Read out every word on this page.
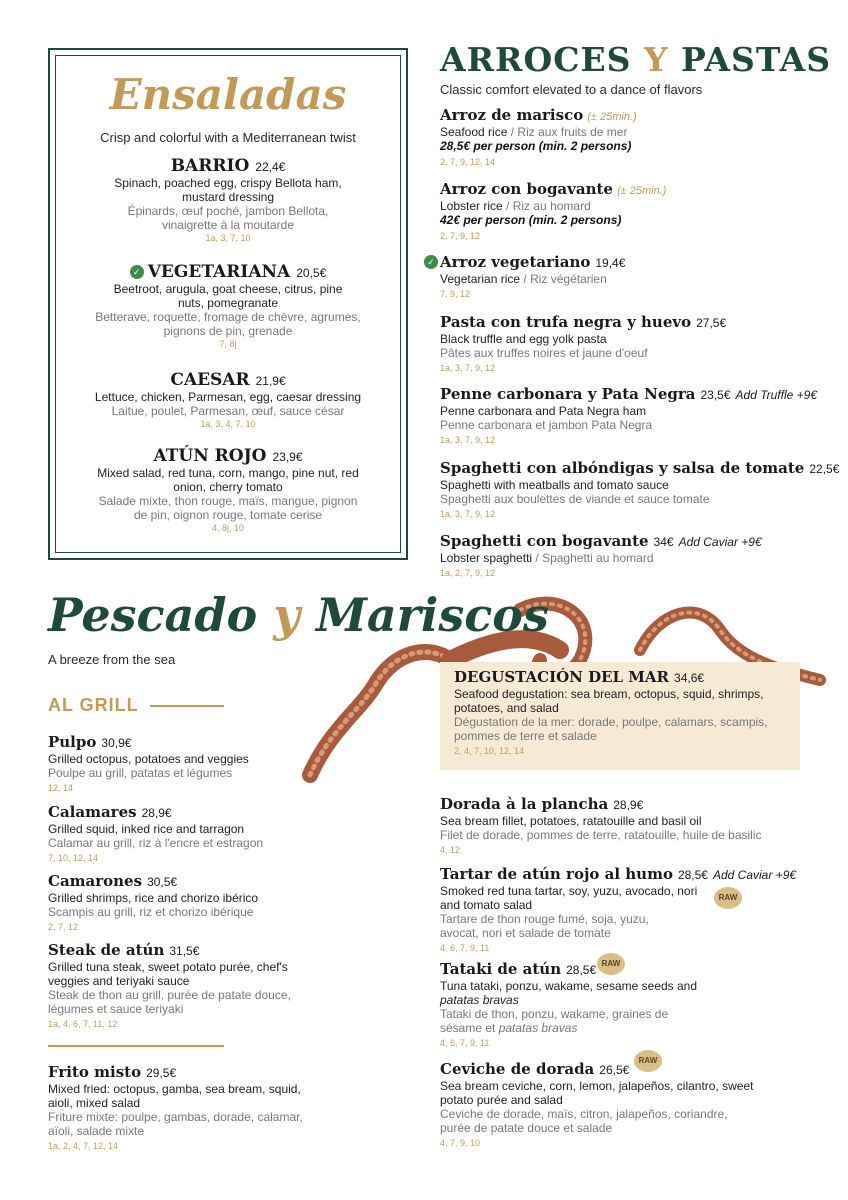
Ensaladas
Crisp and colorful with a Mediterranean twist
BARRIO 22,4€
Spinach, poached egg, crispy Bellota ham, mustard dressing
Épinards, œuf poché, jambon Bellota, vinaigrette à la moutarde
1a, 3, 7, 10
✓ VEGETARIANA 20,5€
Beetroot, arugula, goat cheese, citrus, pine nuts, pomegranate
Betterave, roquette, fromage de chèvre, agrumes, pignons de pin, grenade
7, 8j
CAESAR 21,9€
Lettuce, chicken, Parmesan, egg, caesar dressing
Laitue, poulet, Parmesan, œuf, sauce césar
1a, 3, 4, 7, 10
ATÚN ROJO 23,9€
Mixed salad, red tuna, corn, mango, pine nut, red onion, cherry tomato
Salade mixte, thon rouge, maïs, mangue, pignon de pin, oignon rouge, tomate cerise
4, 8j, 10
ARROCES Y PASTAS
Classic comfort elevated to a dance of flavors
Arroz de marisco (± 25min.)
Seafood rice / Riz aux fruits de mer
28,5€ per person (min. 2 persons)
2, 7, 9, 12, 14
Arroz con bogavante (± 25min.)
Lobster rice / Riz au homard
42€ per person (min. 2 persons)
2, 7, 9, 12
✓ Arroz vegetariano 19,4€
Vegetarian rice / Riz végétarien
7, 9, 12
Pasta con trufa negra y huevo 27,5€
Black truffle and egg yolk pasta
Pâtes aux truffes noires et jaune d'oeuf
1a, 3, 7, 9, 12
Penne carbonara y Pata Negra 23,5€ Add Truffle +9€
Penne carbonara and Pata Negra ham
Penne carbonara et jambon Pata Negra
1a, 3, 7, 9, 12
Spaghetti con albóndigas y salsa de tomate 22,5€
Spaghetti with meatballs and tomato sauce
Spaghetti aux boulettes de viande et sauce tomate
1a, 3, 7, 9, 12
Spaghetti con bogavante 34€ Add Caviar +9€
Lobster spaghetti / Spaghetti au homard
1a, 2, 7, 9, 12
Pescado y Mariscos
A breeze from the sea
AL GRILL
Pulpo 30,9€
Grilled octopus, potatoes and veggies
Poulpe au grill, patatas et légumes
12, 14
Calamares 28,9€
Grilled squid, inked rice and tarragon
Calamar au grill, riz à l'encre et estragon
7, 10, 12, 14
Camarones 30,5€
Grilled shrimps, rice and chorizo ibérico
Scampis au grill, riz et chorizo ibérique
2, 7, 12
Steak de atún 31,5€
Grilled tuna steak, sweet potato purée, chef's veggies and teriyaki sauce
Steak de thon au grill, purée de patate douce, légumes et sauce teriyaki
1a, 4, 6, 7, 11, 12
Frito misto 29,5€
Mixed fried: octopus, gamba, sea bream, squid, aioli, mixed salad
Friture mixte: poulpe, gambas, dorade, calamar, aïoli, salade mixte
1a, 2, 4, 7, 12, 14
DEGUSTACIÓN DEL MAR 34,6€
Seafood degustation: sea bream, octopus, squid, shrimps, potatoes, and salad
Dégustation de la mer: dorade, poulpe, calamars, scampis, pommes de terre et salade
2, 4, 7, 10, 12, 14
Dorada à la plancha 28,9€
Sea bream fillet, potatoes, ratatouille and basil oil
Filet de dorade, pommes de terre, ratatouille, huile de basilic
4, 12
Tartar de atún rojo al humo 28,5€ Add Caviar +9€
Smoked red tuna tartar, soy, yuzu, avocado, nori and tomato salad
Tartare de thon rouge fumé, soja, yuzu, avocat, nori et salade de tomate
4, 6, 7, 9, 11
RAW
Tataki de atún 28,5€
Tuna tataki, ponzu, wakame, sesame seeds and patatas bravas
Tataki de thon, ponzu, wakame, graines de sésame et patatas bravas
4, 6, 7, 9, 11
RAW
Ceviche de dorada 26,5€
Sea bream ceviche, corn, lemon, jalapeños, cilantro, sweet potato purée and salad
Ceviche de dorade, maïs, citron, jalapeños, coriandre, purée de patate douce et salade
4, 7, 9, 10
RAW
